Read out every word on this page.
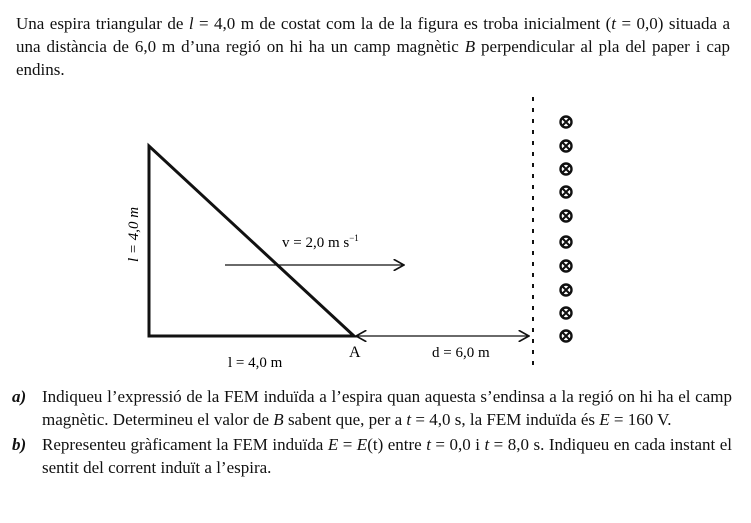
Una espira triangular de l = 4,0 m de costat com la de la figura es troba inicialment (t = 0,0) situada a una distància de 6,0 m d’una regió on hi ha un camp magnètic B perpendicular al pla del paper i cap endins.
l = 4,0 m	v = 2,0 m $s^{-1}$
A
l = 4,0 m
d = 6,0 m
a) Indiqueu l’expressió de la FEM induïda a l’espira quan aquesta s’endinsa a la regió on hi ha el camp magnètic. Determineu el valor de B sabent que, per a t = 4,0 s, la FEM induïda és E = 160 V.
b) Representeu gràficament la FEM induïda E = E(t) entre t = 0,0 i t = 8,0 s. Indiqueu en cada instant el sentit del corrent induït a l’espira.
